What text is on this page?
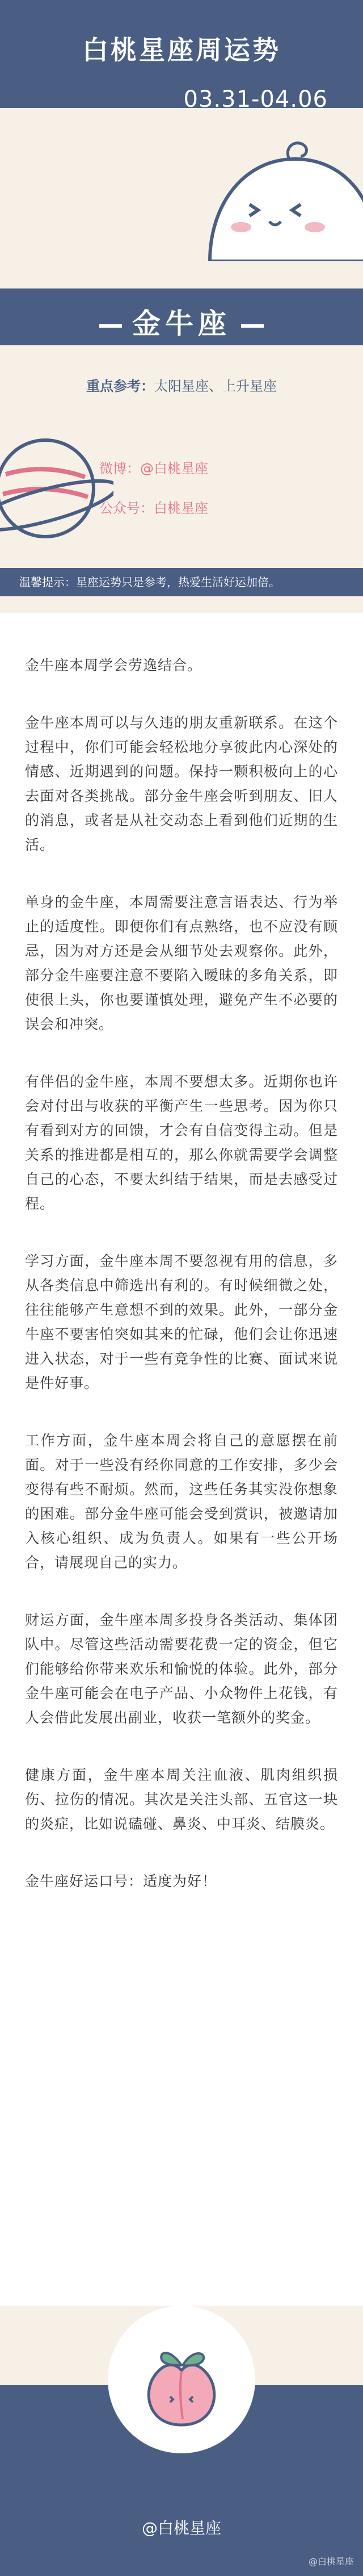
白桃星座周运势
03.31-04.06
金牛座
重点参考：太阳星座、上升星座
微博：@白桃星座
公众号：白桃星座
温馨提示：星座运势只是参考，热爱生活好运加倍。

金牛座本周学会劳逸结合。

金牛座本周可以与久违的朋友重新联系。在这个过程中，你们可能会轻松地分享彼此内心深处的情感、近期遇到的问题。保持一颗积极向上的心去面对各类挑战。部分金牛座会听到朋友、旧人的消息，或者是从社交动态上看到他们近期的生活。

单身的金牛座，本周需要注意言语表达、行为举止的适度性。即便你们有点熟络，也不应没有顾忌，因为对方还是会从细节处去观察你。此外，部分金牛座要注意不要陷入暧昧的多角关系，即使很上头，你也要谨慎处理，避免产生不必要的误会和冲突。

有伴侣的金牛座，本周不要想太多。近期你也许会对付出与收获的平衡产生一些思考。因为你只有看到对方的回馈，才会有自信变得主动。但是关系的推进都是相互的，那么你就需要学会调整自己的心态，不要太纠结于结果，而是去感受过程。

学习方面，金牛座本周不要忽视有用的信息，多从各类信息中筛选出有利的。有时候细微之处，往往能够产生意想不到的效果。此外，一部分金牛座不要害怕突如其来的忙碌，他们会让你迅速进入状态，对于一些有竞争性的比赛、面试来说是件好事。

工作方面，金牛座本周会将自己的意愿摆在前面。对于一些没有经你同意的工作安排，多少会变得有些不耐烦。然而，这些任务其实没你想象的困难。部分金牛座可能会受到赏识，被邀请加入核心组织、成为负责人。如果有一些公开场合，请展现自己的实力。

财运方面，金牛座本周多投身各类活动、集体团队中。尽管这些活动需要花费一定的资金，但它们能够给你带来欢乐和愉悦的体验。此外，部分金牛座可能会在电子产品、小众物件上花钱，有人会借此发展出副业，收获一笔额外的奖金。

健康方面，金牛座本周关注血液、肌肉组织损伤、拉伤的情况。其次是关注头部、五官这一块的炎症，比如说磕碰、鼻炎、中耳炎、结膜炎。

金牛座好运口号：适度为好！

@白桃星座
@白桃星座
